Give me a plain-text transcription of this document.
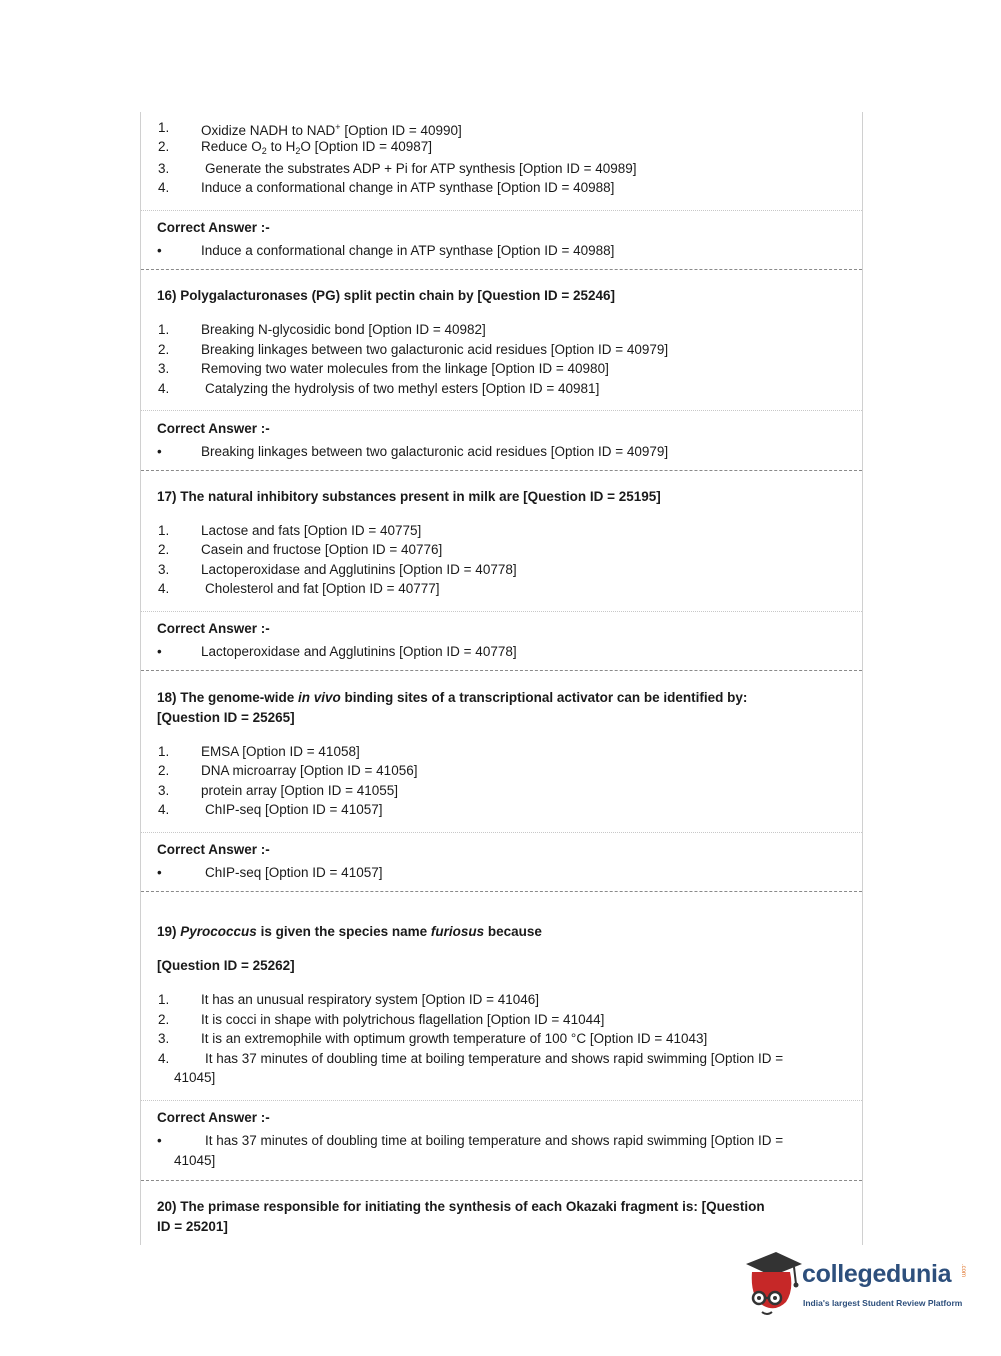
1. Oxidize NADH to NAD+ [Option ID = 40990]
2. Reduce $O_2$ to $H_2O$ [Option ID = 40987]
3.	Generate the substrates ADP + Pi for ATP synthesis [Option ID = 40989]
4. Induce a conformational change in ATP synthase [Option ID = 40988]
Correct Answer :-
•	Induce a conformational change in ATP synthase [Option ID = 40988]
16) Polygalacturonases (PG) split pectin chain by [Question ID = 25246]
1. Breaking N-glycosidic bond [Option ID = 40982]
2. Breaking linkages between two galacturonic acid residues [Option ID = 40979]
3. Removing two water molecules from the linkage [Option ID = 40980]
4.	Catalyzing the hydrolysis of two methyl esters [Option ID = 40981]
Correct Answer :-
•	Breaking linkages between two galacturonic acid residues [Option ID = 40979]
17) The natural inhibitory substances present in milk are [Question ID = 25195]
1. Lactose and fats [Option ID = 40775]
2. Casein and fructose [Option ID = 40776]
3. Lactoperoxidase and Agglutinins [Option ID = 40778]
4.	Cholesterol and fat [Option ID = 40777]
Correct Answer :-
•	Lactoperoxidase and Agglutinins [Option ID = 40778]
18) The genome-wide in vivo binding sites of a transcriptional activator can be identified by:
[Question ID = 25265]
1. EMSA [Option ID = 41058]
2. DNA microarray [Option ID = 41056]
3. protein array [Option ID = 41055]
4.	ChIP-seq [Option ID = 41057]
Correct Answer :-
•	ChIP-seq [Option ID = 41057]
19) Pyrococcus is given the species name furiosus because
[Question ID = 25262]
1. It has an unusual respiratory system [Option ID = 41046]
2. It is cocci in shape with polytrichous flagellation [Option ID = 41044]
3. It is an extremophile with optimum growth temperature of 100 °C [Option ID = 41043]
4.	It has 37 minutes of doubling time at boiling temperature and shows rapid swimming [Option ID =
41045]
Correct Answer :-
•	It has 37 minutes of doubling time at boiling temperature and shows rapid swimming [Option ID =
41045]
20) The primase responsible for initiating the synthesis of each Okazaki fragment is: [Question
ID = 25201]
collegedunia .com
India's largest Student Review Platform
